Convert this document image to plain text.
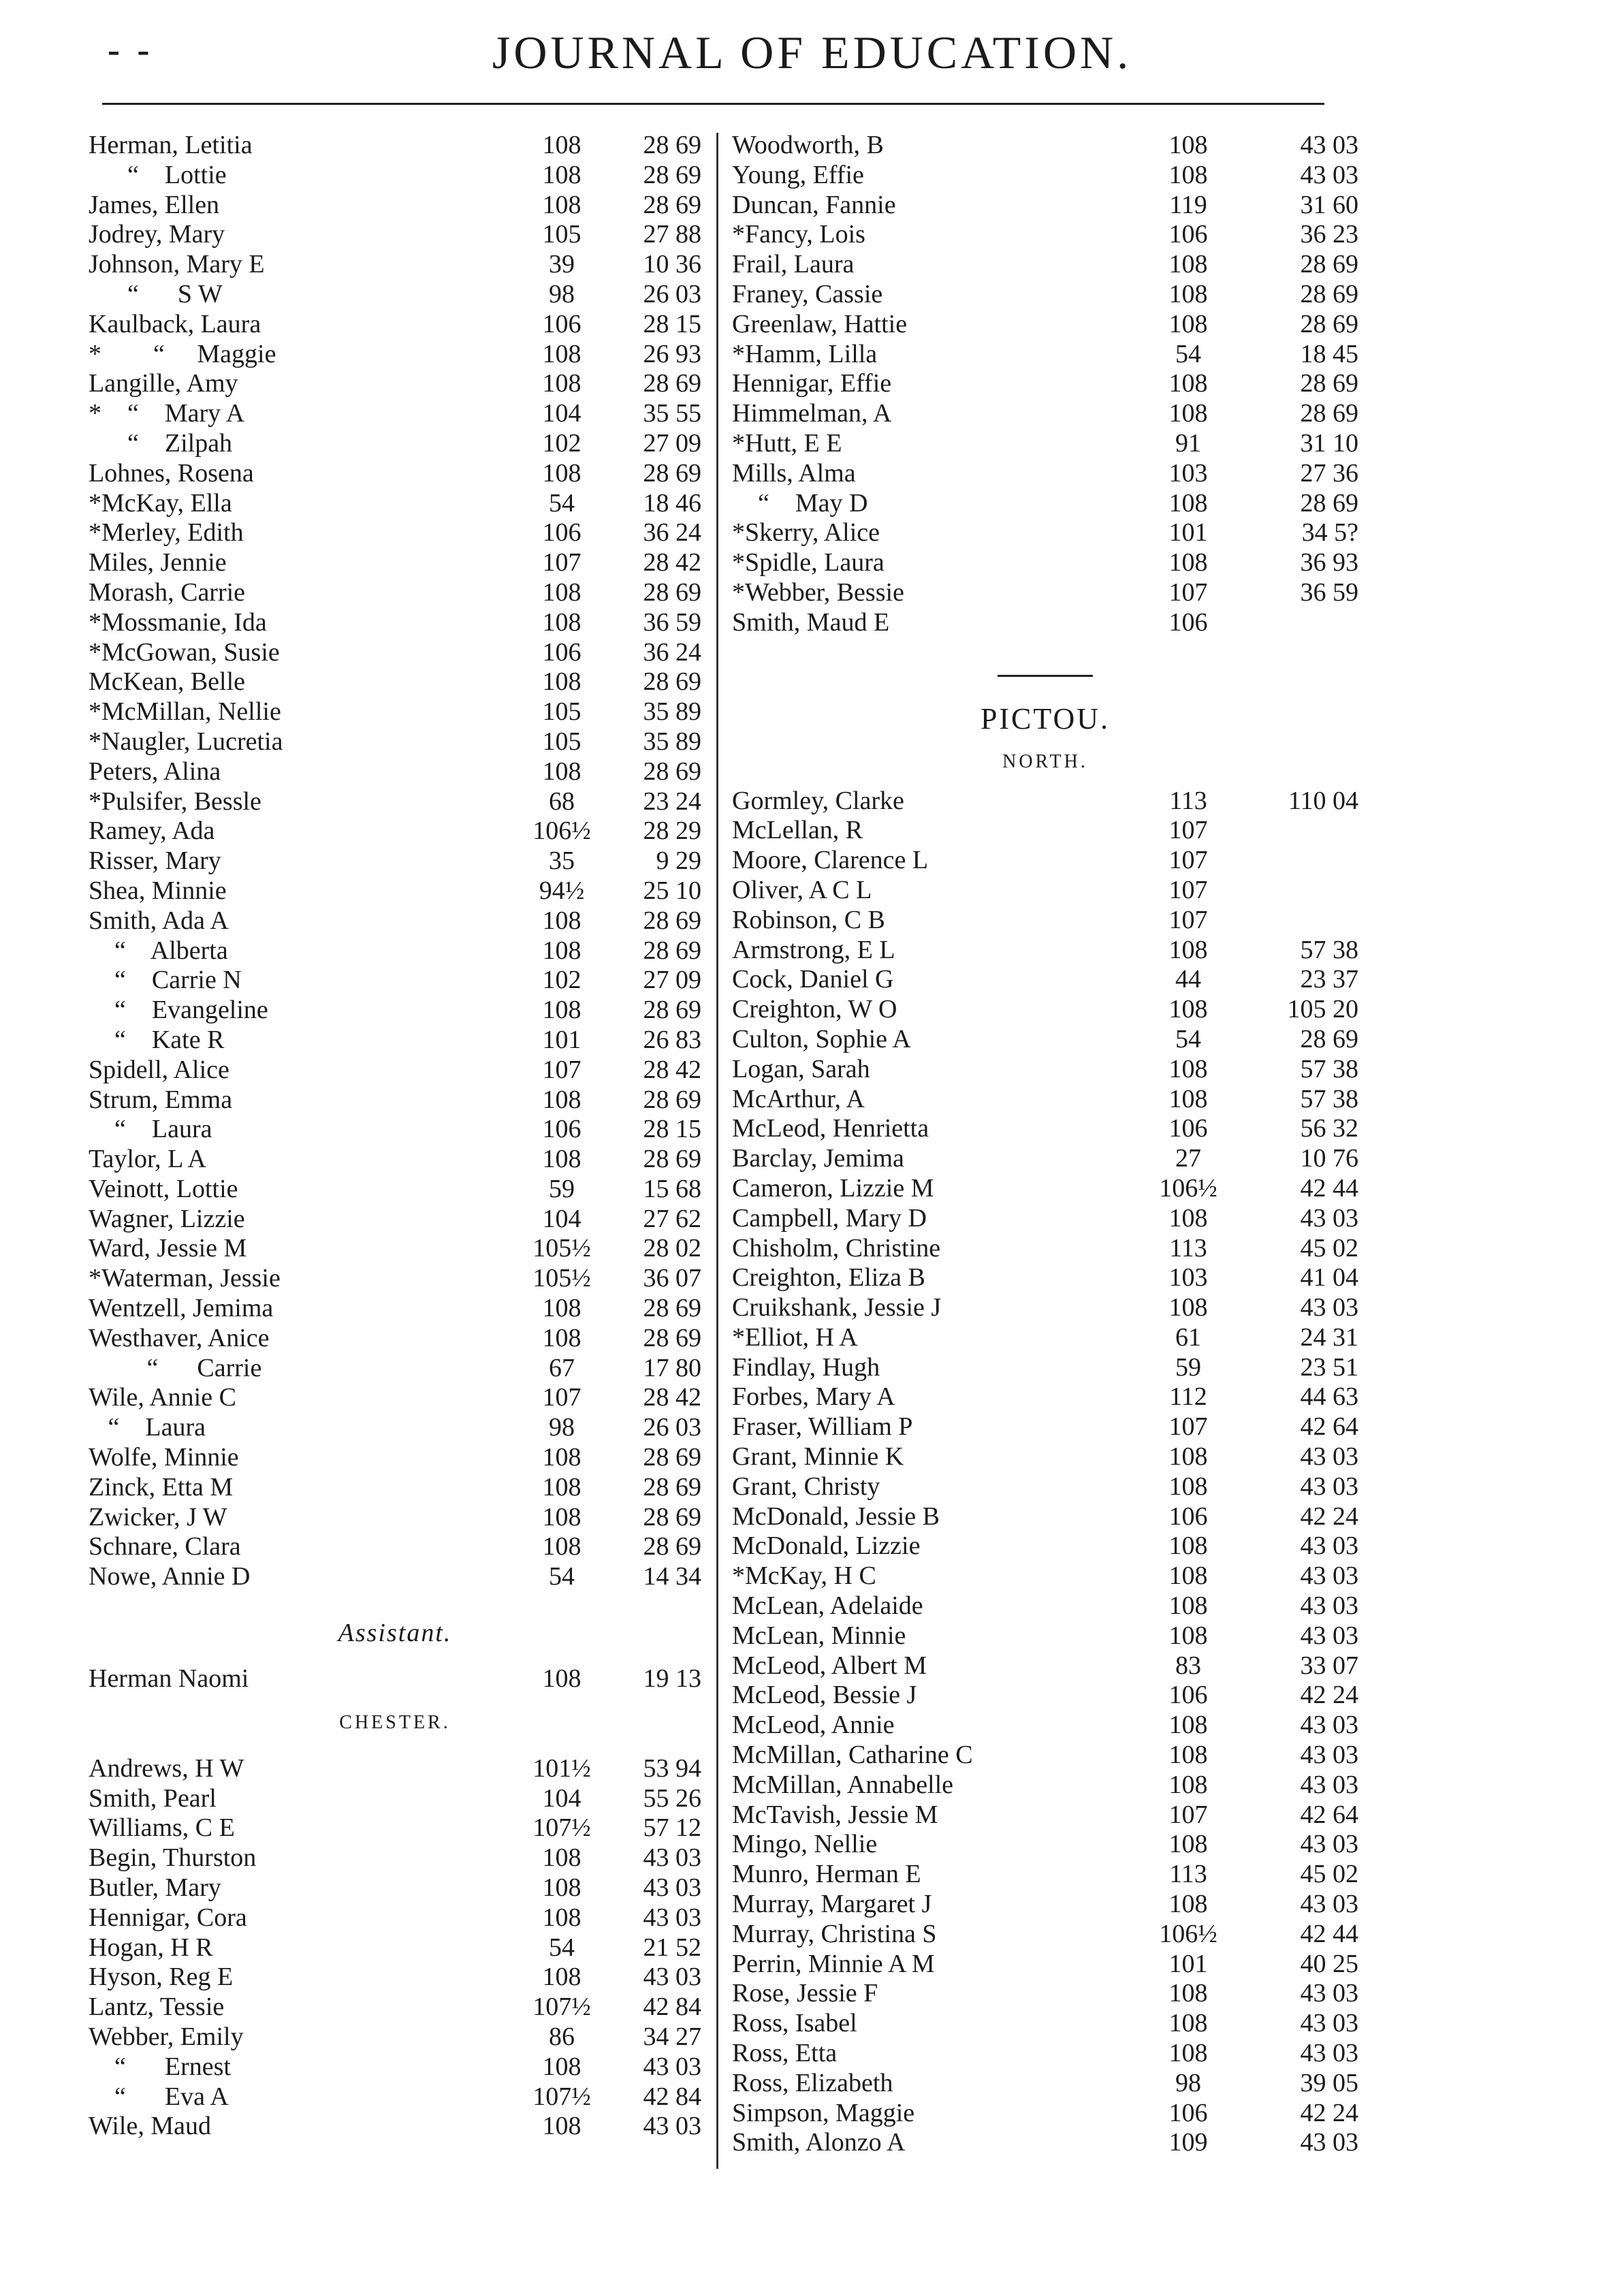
- -	JOURNAL OF EDUCATION.
Herman, Letitia	108	28 69
“    Lottie	108	28 69
James, Ellen	108	28 69
Jodrey, Mary	105	27 88
Johnson, Mary E	39	10 36
“      S W	98	26 03
Kaulback, Laura	106	28 15
*        “     Maggie	108	26 93
Langille, Amy	108	28 69
*    “    Mary A	104	35 55
“    Zilpah	102	27 09
Lohnes, Rosena	108	28 69
*McKay, Ella	54	18 46
*Merley, Edith	106	36 24
Miles, Jennie	107	28 42
Morash, Carrie	108	28 69
*Mossmanie, Ida	108	36 59
*McGowan, Susie	106	36 24
McKean, Belle	108	28 69
*McMillan, Nellie	105	35 89
*Naugler, Lucretia	105	35 89
Peters, Alina	108	28 69
*Pulsifer, Bessle	68	23 24
Ramey, Ada	106½	28 29
Risser, Mary	35	9 29
Shea, Minnie	94½	25 10
Smith, Ada A	108	28 69
“    Alberta	108	28 69
“    Carrie N	102	27 09
“    Evangeline	108	28 69
“    Kate R	101	26 83
Spidell, Alice	107	28 42
Strum, Emma	108	28 69
“    Laura	106	28 15
Taylor, L A	108	28 69
Veinott, Lottie	59	15 68
Wagner, Lizzie	104	27 62
Ward, Jessie M	105½	28 02
*Waterman, Jessie	105½	36 07
Wentzell, Jemima	108	28 69
Westhaver, Anice	108	28 69
“      Carrie	67	17 80
Wile, Annie C	107	28 42
“    Laura	98	26 03
Wolfe, Minnie	108	28 69
Zinck, Etta M	108	28 69
Zwicker, J W	108	28 69
Schnare, Clara	108	28 69
Nowe, Annie D	54	14 34
Assistant.
Herman Naomi	108	19 13
CHESTER.
Andrews, H W	101½	53 94
Smith, Pearl	104	55 26
Williams, C E	107½	57 12
Begin, Thurston	108	43 03
Butler, Mary	108	43 03
Hennigar, Cora	108	43 03
Hogan, H R	54	21 52
Hyson, Reg E	108	43 03
Lantz, Tessie	107½	42 84
Webber, Emily	86	34 27
“      Ernest	108	43 03
“      Eva A	107½	42 84
Wile, Maud	108	43 03
Woodworth, B	108	43 03
Young, Effie	108	43 03
Duncan, Fannie	119	31 60
*Fancy, Lois	106	36 23
Frail, Laura	108	28 69
Franey, Cassie	108	28 69
Greenlaw, Hattie	108	28 69
*Hamm, Lilla	54	18 45
Hennigar, Effie	108	28 69
Himmelman, A	108	28 69
*Hutt, E E	91	31 10
Mills, Alma	103	27 36
“    May D	108	28 69
*Skerry, Alice	101	34 5?
*Spidle, Laura	108	36 93
*Webber, Bessie	107	36 59
Smith, Maud E	106
PICTOU.
NORTH.
Gormley, Clarke	113	110 04
McLellan, R	107
Moore, Clarence L	107
Oliver, A C L	107
Robinson, C B	107
Armstrong, E L	108	57 38
Cock, Daniel G	44	23 37
Creighton, W O	108	105 20
Culton, Sophie A	54	28 69
Logan, Sarah	108	57 38
McArthur, A	108	57 38
McLeod, Henrietta	106	56 32
Barclay, Jemima	27	10 76
Cameron, Lizzie M	106½	42 44
Campbell, Mary D	108	43 03
Chisholm, Christine	113	45 02
Creighton, Eliza B	103	41 04
Cruikshank, Jessie J	108	43 03
*Elliot, H A	61	24 31
Findlay, Hugh	59	23 51
Forbes, Mary A	112	44 63
Fraser, William P	107	42 64
Grant, Minnie K	108	43 03
Grant, Christy	108	43 03
McDonald, Jessie B	106	42 24
McDonald, Lizzie	108	43 03
*McKay, H C	108	43 03
McLean, Adelaide	108	43 03
McLean, Minnie	108	43 03
McLeod, Albert M	83	33 07
McLeod, Bessie J	106	42 24
McLeod, Annie	108	43 03
McMillan, Catharine C	108	43 03
McMillan, Annabelle	108	43 03
McTavish, Jessie M	107	42 64
Mingo, Nellie	108	43 03
Munro, Herman E	113	45 02
Murray, Margaret J	108	43 03
Murray, Christina S	106½	42 44
Perrin, Minnie A M	101	40 25
Rose, Jessie F	108	43 03
Ross, Isabel	108	43 03
Ross, Etta	108	43 03
Ross, Elizabeth	98	39 05
Simpson, Maggie	106	42 24
Smith, Alonzo A	109	43 03
